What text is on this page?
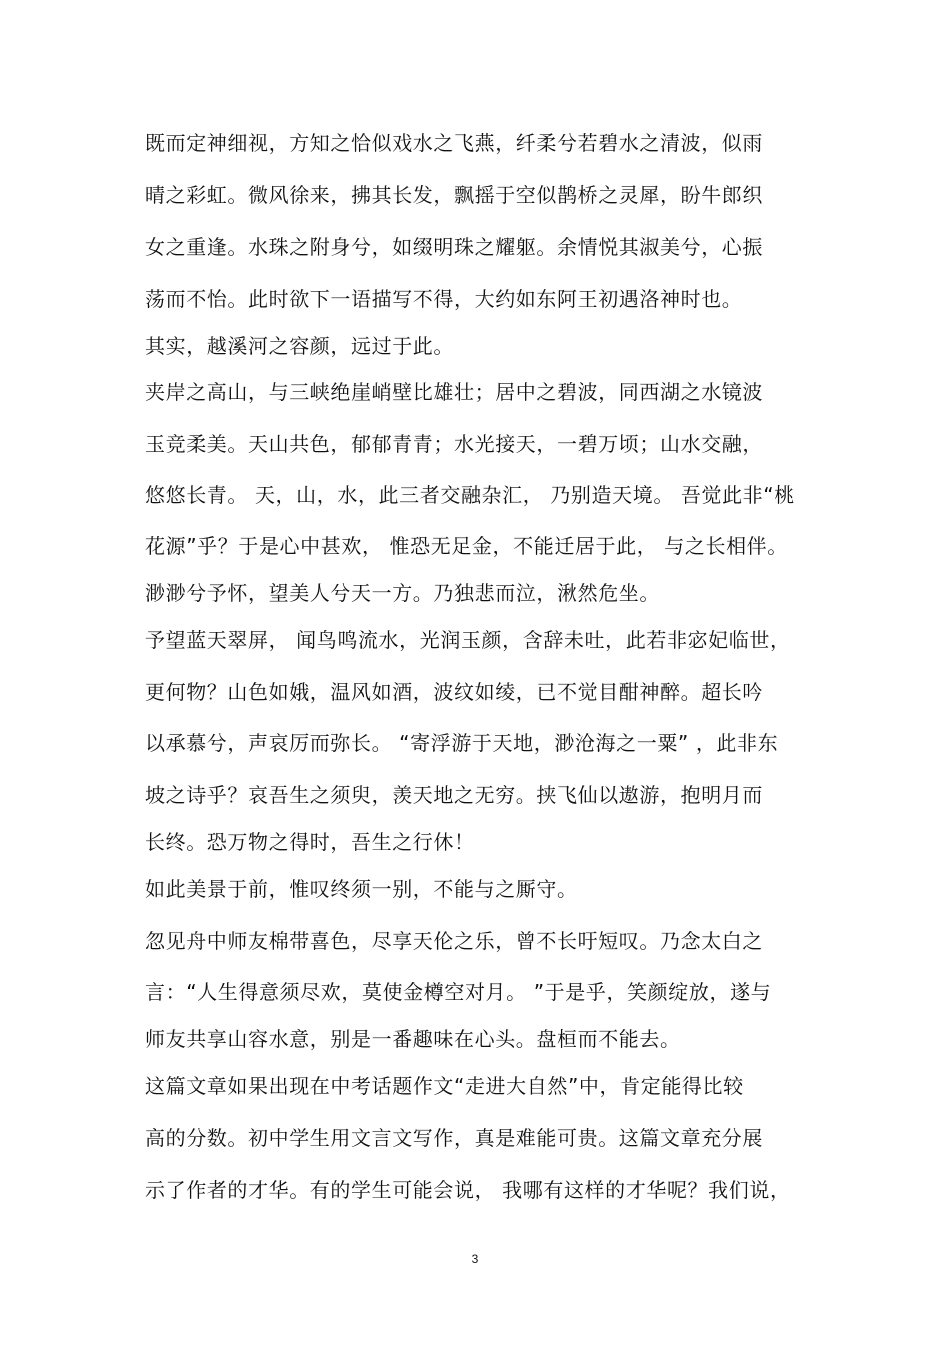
既而定神细视，方知之恰似戏水之飞燕，纤柔兮若碧水之清波，似雨
晴之彩虹。微风徐来，拂其长发，飘摇于空似鹊桥之灵犀，盼牛郎织
女之重逢。水珠之附身兮，如缀明珠之耀躯。余情悦其淑美兮，心振
荡而不怡。此时欲下一语描写不得，大约如东阿王初遇洛神时也。
其实，越溪河之容颜，远过于此。
夹岸之高山，与三峡绝崖峭壁比雄壮；居中之碧波，同西湖之水镜波
玉竞柔美。天山共色，郁郁青青；水光接天，一碧万顷；山水交融，
悠悠长青。 天，山，水，此三者交融杂汇， 乃别造天境。 吾觉此非“桃
花源”乎？于是心中甚欢， 惟恐无足金，不能迁居于此， 与之长相伴。
渺渺兮予怀，望美人兮天一方。乃独悲而泣，湫然危坐。
予望蓝天翠屏， 闻鸟鸣流水，光润玉颜，含辞未吐，此若非宓妃临世，
更何物？山色如娥，温风如酒，波纹如绫，已不觉目酣神醉。超长吟
以承慕兮，声哀厉而弥长。 “寄浮游于天地，渺沧海之一粟” ，此非东
坡之诗乎？哀吾生之须臾，羡天地之无穷。挟飞仙以遨游，抱明月而
长终。恐万物之得时，吾生之行休！
如此美景于前，惟叹终须一别，不能与之厮守。
忽见舟中师友棉带喜色，尽享天伦之乐，曾不长吁短叹。乃念太白之
言：“人生得意须尽欢，莫使金樽空对月。 ”于是乎，笑颜绽放，遂与
师友共享山容水意，别是一番趣味在心头。盘桓而不能去。
这篇文章如果出现在中考话题作文“走进大自然”中，肯定能得比较
高的分数。初中学生用文言文写作，真是难能可贵。这篇文章充分展
示了作者的才华。有的学生可能会说， 我哪有这样的才华呢？我们说，
3
